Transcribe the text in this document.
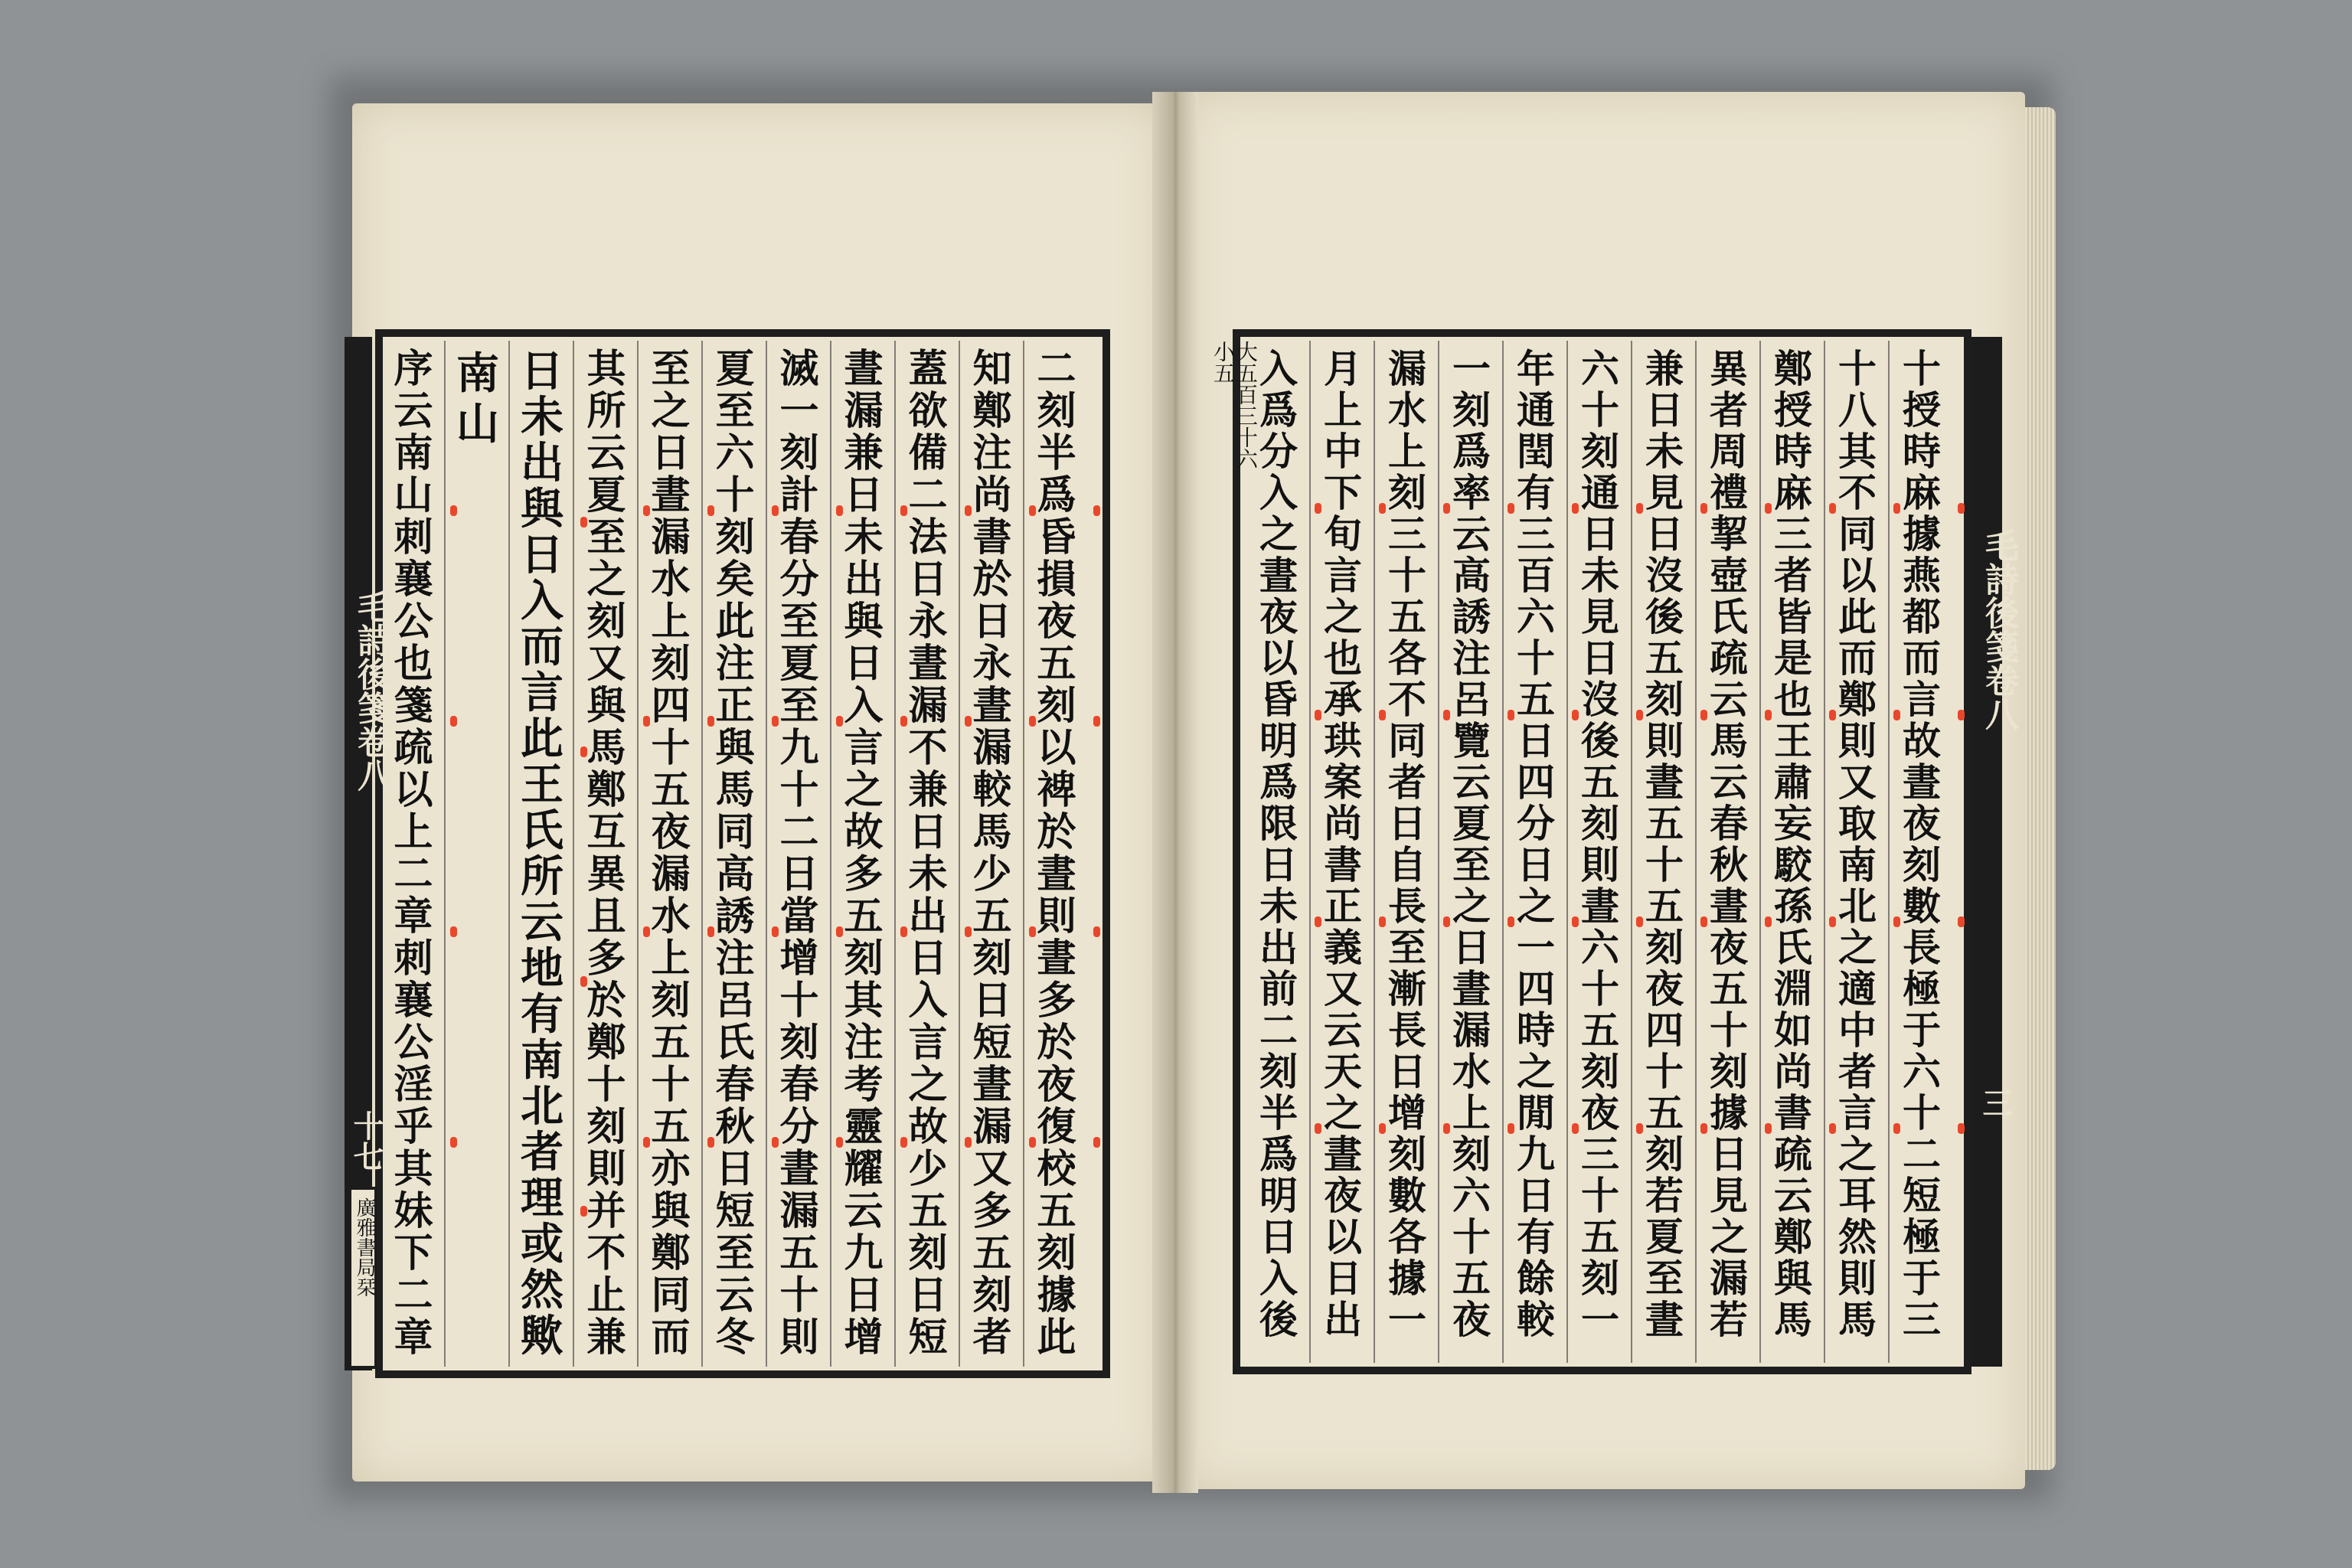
毛詩後箋卷八
十七
廣雅書局栞
毛詩後箋卷八
三
大五百三十六
小五
序
云
南
山
刺
襄
公
也
箋
疏
以
上
二
章
刺
襄
公
淫
乎
其
妹
下
二
章
南
山
日
未
出
與
日
入
而
言
此
王
氏
所
云
地
有
南
北
者
理
或
然
歟
其
所
云
夏
至
之
刻
又
與
馬
鄭
互
異
且
多
於
鄭
十
刻
則
并
不
止
兼
至
之
日
晝
漏
水
上
刻
四
十
五
夜
漏
水
上
刻
五
十
五
亦
與
鄭
同
而
夏
至
六
十
刻
矣
此
注
正
與
馬
同
高
誘
注
呂
氏
春
秋
日
短
至
云
冬
滅
一
刻
計
春
分
至
夏
至
九
十
二
日
當
增
十
刻
春
分
晝
漏
五
十
則
晝
漏
兼
日
未
出
與
日
入
言
之
故
多
五
刻
其
注
考
靈
耀
云
九
日
增
蓋
欲
備
二
法
日
永
晝
漏
不
兼
日
未
出
日
入
言
之
故
少
五
刻
日
短
知
鄭
注
尚
書
於
日
永
晝
漏
較
馬
少
五
刻
日
短
晝
漏
又
多
五
刻
者
二
刻
半
爲
昏
損
夜
五
刻
以
裨
於
晝
則
晝
多
於
夜
復
校
五
刻
據
此
入
爲
分
入
之
晝
夜
以
昏
明
爲
限
日
未
出
前
二
刻
半
爲
明
日
入
後
月
上
中
下
旬
言
之
也
承
珙
案
尚
書
正
義
又
云
天
之
晝
夜
以
日
出
漏
水
上
刻
三
十
五
各
不
同
者
日
自
長
至
漸
長
日
增
刻
數
各
據
一
一
刻
爲
率
云
高
誘
注
呂
覽
云
夏
至
之
日
晝
漏
水
上
刻
六
十
五
夜
年
通
閏
有
三
百
六
十
五
日
四
分
日
之
一
四
時
之
閒
九
日
有
餘
較
六
十
刻
通
日
未
見
日
沒
後
五
刻
則
晝
六
十
五
刻
夜
三
十
五
刻
一
兼
日
未
見
日
沒
後
五
刻
則
晝
五
十
五
刻
夜
四
十
五
刻
若
夏
至
晝
異
者
周
禮
挈
壺
氏
疏
云
馬
云
春
秋
晝
夜
五
十
刻
據
日
見
之
漏
若
鄭
授
時
麻
三
者
皆
是
也
王
肅
妄
駮
孫
氏
淵
如
尚
書
疏
云
鄭
與
馬
十
八
其
不
同
以
此
而
鄭
則
又
取
南
北
之
適
中
者
言
之
耳
然
則
馬
十
授
時
麻
據
燕
都
而
言
故
晝
夜
刻
數
長
極
于
六
十
二
短
極
于
三
